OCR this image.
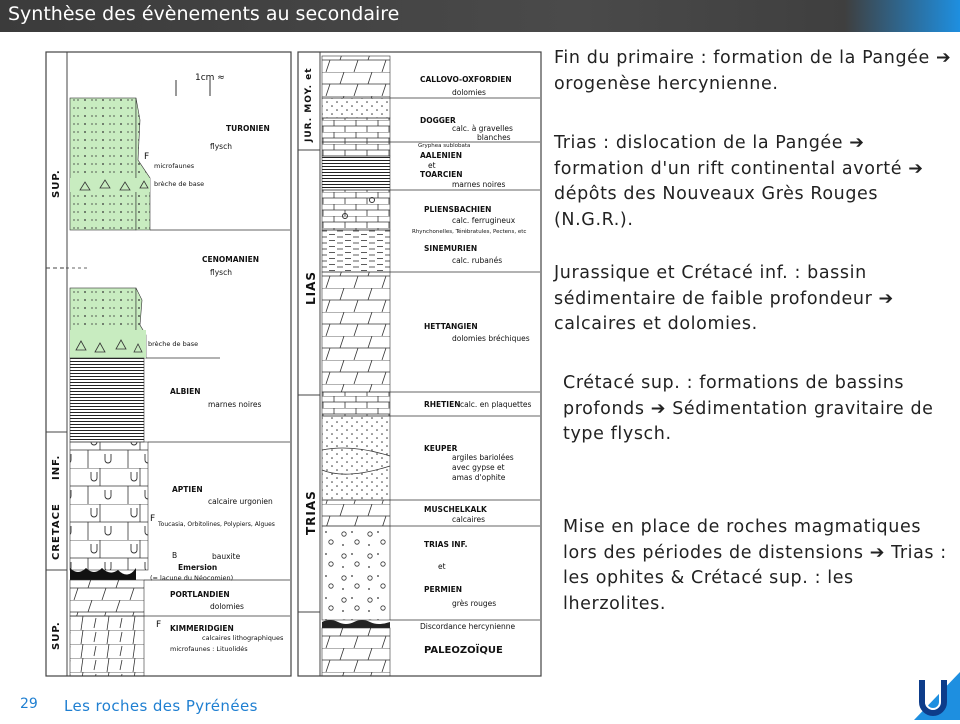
Synthèse des évènements au secondaire
1cm ≈
SUP.
INF.
CRETACE
SUP.
TURONIEN
flysch
F
microfaunes
brèche de base
CENOMANIEN
flysch
brèche de base
ALBIEN
marnes noires
APTIEN
calcaire urgonien
F
Toucasia, Orbitolines, Polypiers, Algues
B	bauxite
Emersion
(= lacune du Néocomien)
PORTLANDIEN
dolomies
F KIMMERIDGIEN
calcaires lithographiques
microfaunes : Lituolidés
JUR. MOY. et
LIAS
TRIAS
CALLOVO-OXFORDIEN
dolomies
DOGGER
calc. à gravelles
blanches
Gryphea sublobata
AALENIEN
et
TOARCIEN
marnes noires
PLIENSBACHIEN
calc. ferrugineux
Rhynchonelles, Térébratules, Pectens, etc
SINEMURIEN
calc. rubanés
HETTANGIEN
dolomies bréchiques
RHETIEN calc. en plaquettes
KEUPER
argiles bariolées
avec gypse et
amas d'ophite
MUSCHELKALK
calcaires
TRIAS INF.
et
PERMIEN
grès rouges
Discordance hercynienne
PALEOZOÏQUE
Fin du primaire : formation de la Pangée ➔ orogenèse hercynienne.
Trias : dislocation de la Pangée ➔ formation d'un rift continental avorté ➔ dépôts des Nouveaux Grès Rouges (N.G.R.).
Jurassique et Crétacé inf. : bassin sédimentaire de faible profondeur ➔ calcaires et dolomies.
Crétacé sup. : formations de bassins profonds ➔ Sédimentation gravitaire de type flysch.
Mise en place de roches magmatiques lors des périodes de distensions ➔ Trias : les ophites & Crétacé sup. : les lherzolites.
29 Les roches des Pyrénées
